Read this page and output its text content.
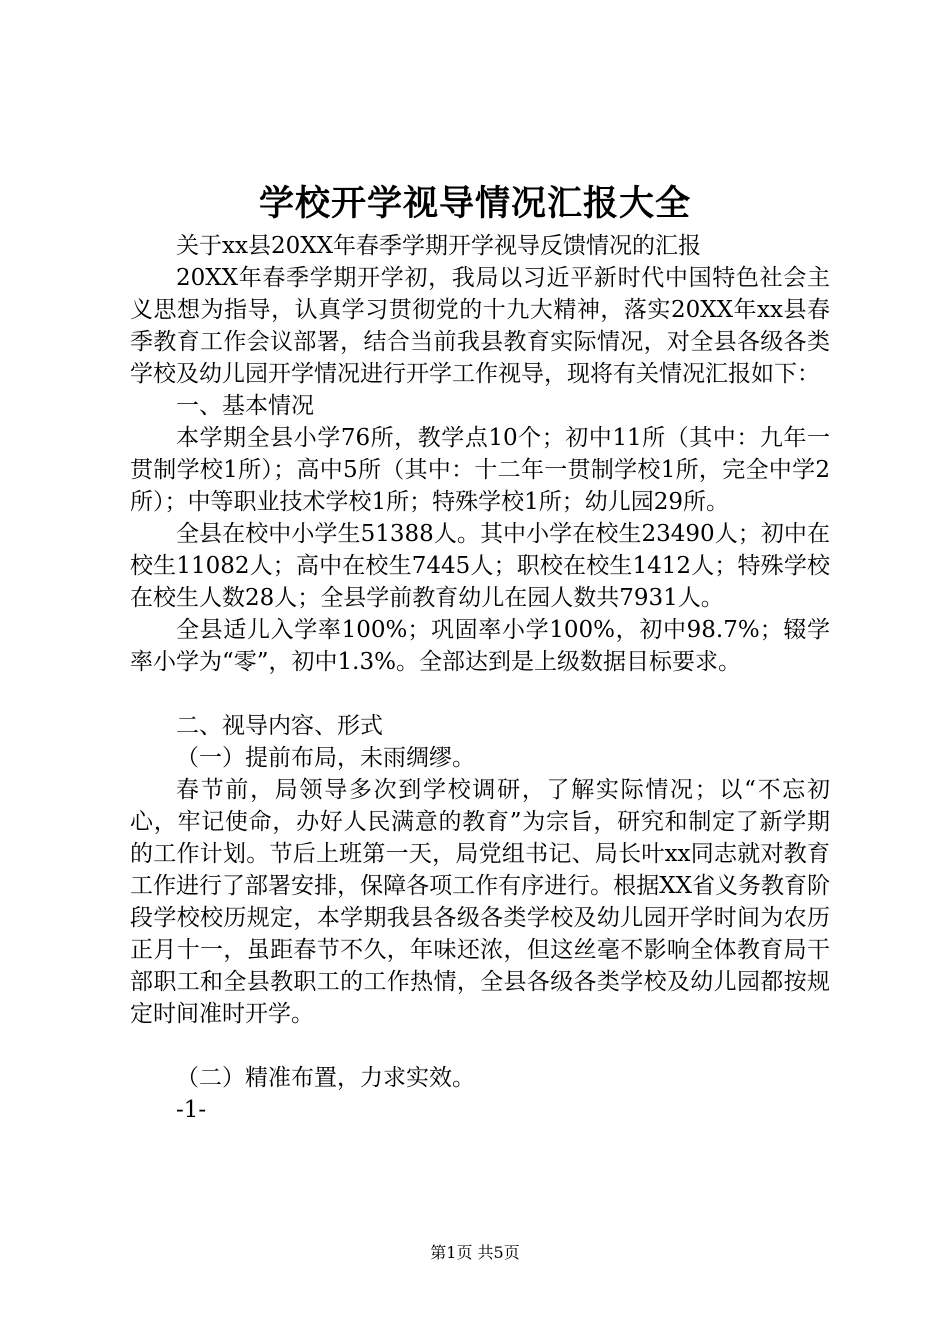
学校开学视导情况汇报大全

关于xx县20XX年春季学期开学视导反馈情况的汇报

20XX年春季学期开学初，我局以习近平新时代中国特色社会主义思想为指导，认真学习贯彻党的十九大精神，落实20XX年xx县春季教育工作会议部署，结合当前我县教育实际情况，对全县各级各类学校及幼儿园开学情况进行开学工作视导，现将有关情况汇报如下：

一、基本情况

本学期全县小学76所，教学点10个；初中11所（其中：九年一贯制学校1所）；高中5所（其中：十二年一贯制学校1所，完全中学2所）；中等职业技术学校1所；特殊学校1所；幼儿园29所。

全县在校中小学生51388人。其中小学在校生23490人；初中在校生11082人；高中在校生7445人；职校在校生1412人；特殊学校在校生人数28人；全县学前教育幼儿在园人数共7931人。

全县适儿入学率100%；巩固率小学100%，初中98.7%；辍学率小学为“零”，初中1.3%。全部达到是上级数据目标要求。

二、视导内容、形式

（一）提前布局，未雨绸缪。

春节前，局领导多次到学校调研，了解实际情况；以“不忘初心，牢记使命，办好人民满意的教育”为宗旨，研究和制定了新学期的工作计划。节后上班第一天，局党组书记、局长叶xx同志就对教育工作进行了部署安排，保障各项工作有序进行。根据XX省义务教育阶段学校校历规定，本学期我县各级各类学校及幼儿园开学时间为农历正月十一，虽距春节不久，年味还浓，但这丝毫不影响全体教育局干部职工和全县教职工的工作热情，全县各级各类学校及幼儿园都按规定时间准时开学。

（二）精准布置，力求实效。

-1-

第1页 共5页
